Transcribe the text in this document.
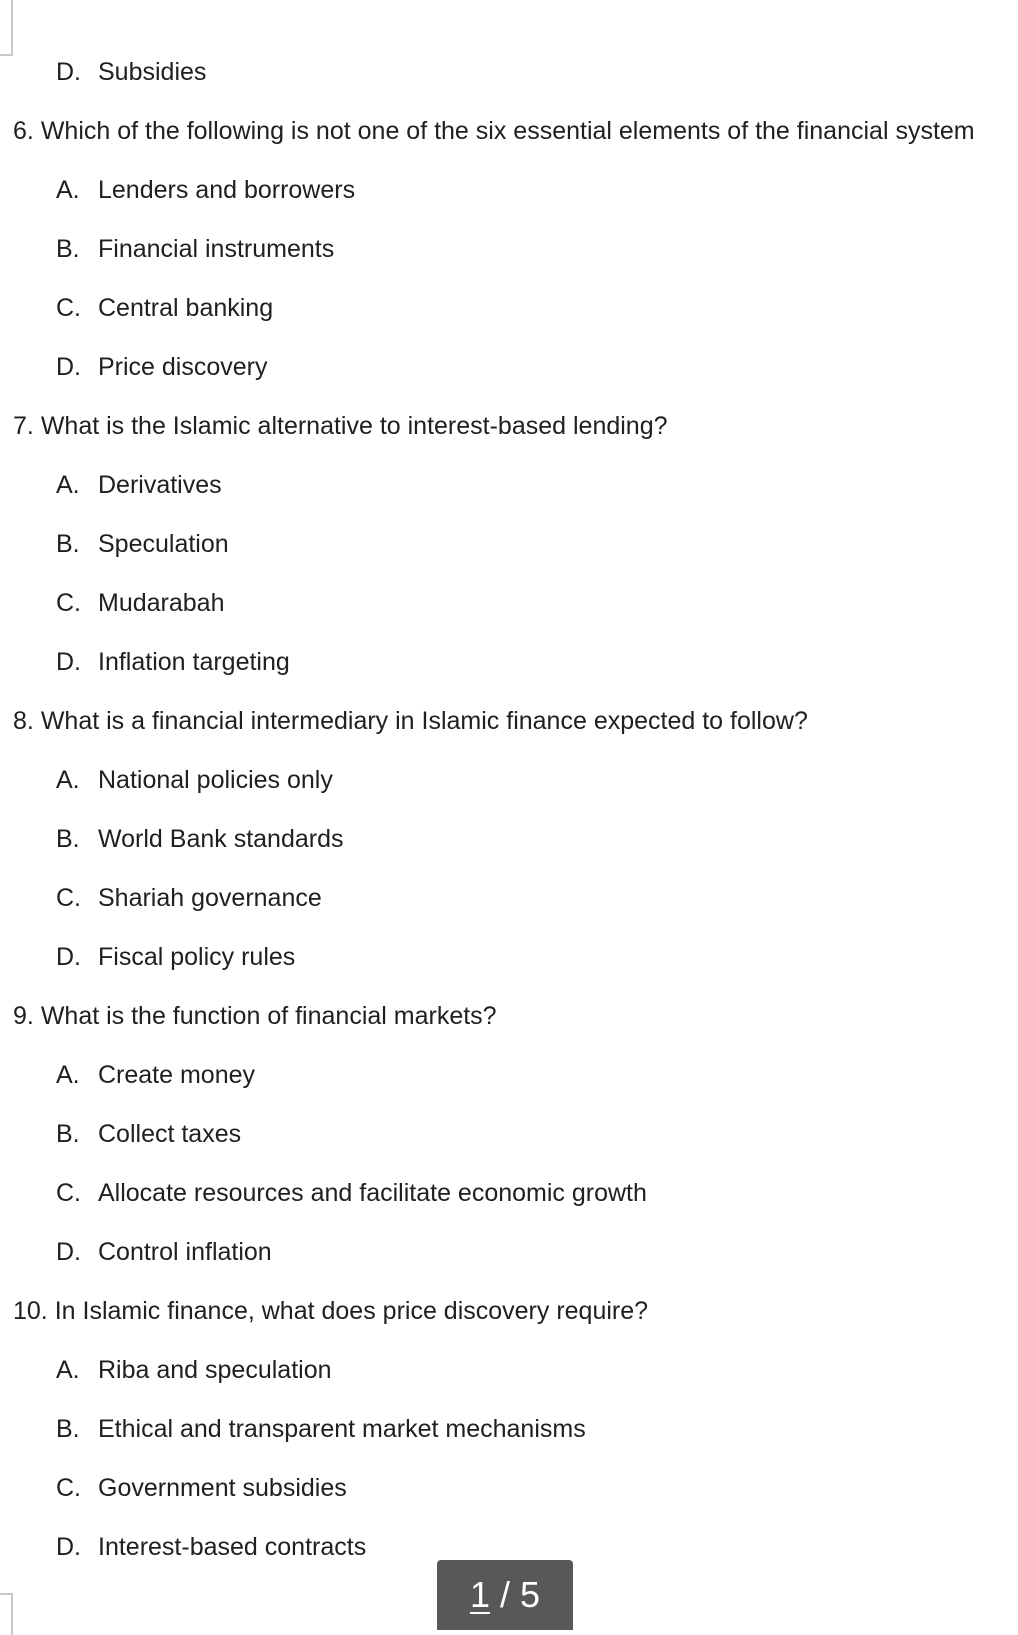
D. Subsidies
6. Which of the following is not one of the six essential elements of the financial system
A. Lenders and borrowers
B. Financial instruments
C. Central banking
D. Price discovery
7. What is the Islamic alternative to interest-based lending?
A. Derivatives
B. Speculation
C. Mudarabah
D. Inflation targeting
8. What is a financial intermediary in Islamic finance expected to follow?
A. National policies only
B. World Bank standards
C. Shariah governance
D. Fiscal policy rules
9. What is the function of financial markets?
A. Create money
B. Collect taxes
C. Allocate resources and facilitate economic growth
D. Control inflation
10. In Islamic finance, what does price discovery require?
A. Riba and speculation
B. Ethical and transparent market mechanisms
C. Government subsidies
D. Interest-based contracts
1 / 5
